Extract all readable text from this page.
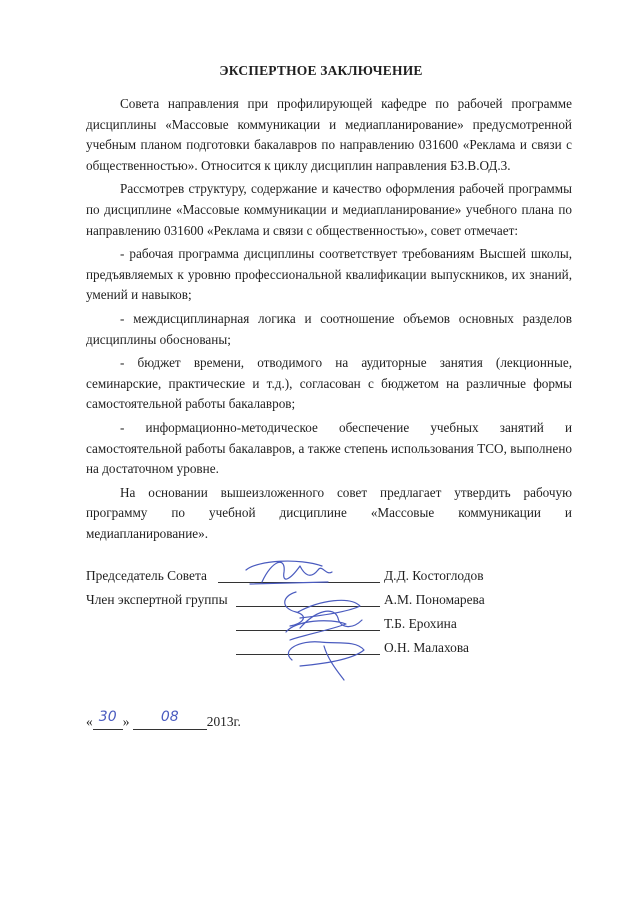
ЭКСПЕРТНОЕ ЗАКЛЮЧЕНИЕ

Совета направления при профилирующей кафедре по рабочей программе дисциплины «Массовые коммуникации и медиапланирование» предусмотренной учебным планом подготовки бакалавров по направлению 031600 «Реклама и связи с общественностью». Относится к циклу дисциплин направления Б3.В.ОД.3.

Рассмотрев структуру, содержание и качество оформления рабочей программы по дисциплине «Массовые коммуникации и медиапланирование» учебного плана по направлению 031600 «Реклама и связи с общественностью», совет отмечает:

- рабочая программа дисциплины соответствует требованиям Высшей школы, предъявляемых к уровню профессиональной квалификации выпускников, их знаний, умений и навыков;

- междисциплинарная логика и соотношение объемов основных разделов дисциплины обоснованы;

- бюджет времени, отводимого на аудиторные занятия (лекционные, семинарские, практические и т.д.), согласован с бюджетом на различные формы самостоятельной работы бакалавров;

- информационно-методическое обеспечение учебных занятий и самостоятельной работы бакалавров, а также степень использования ТСО, выполнено на достаточном уровне.

На основании вышеизложенного совет предлагает утвердить рабочую программу по учебной дисциплине «Массовые коммуникации и медиапланирование».

Председатель Совета	Д.Д. Костоглодов
Член экспертной группы	А.М. Пономарева
Т.Б. Ерохина
О.Н. Малахова
« 30 »	08	2013г.
